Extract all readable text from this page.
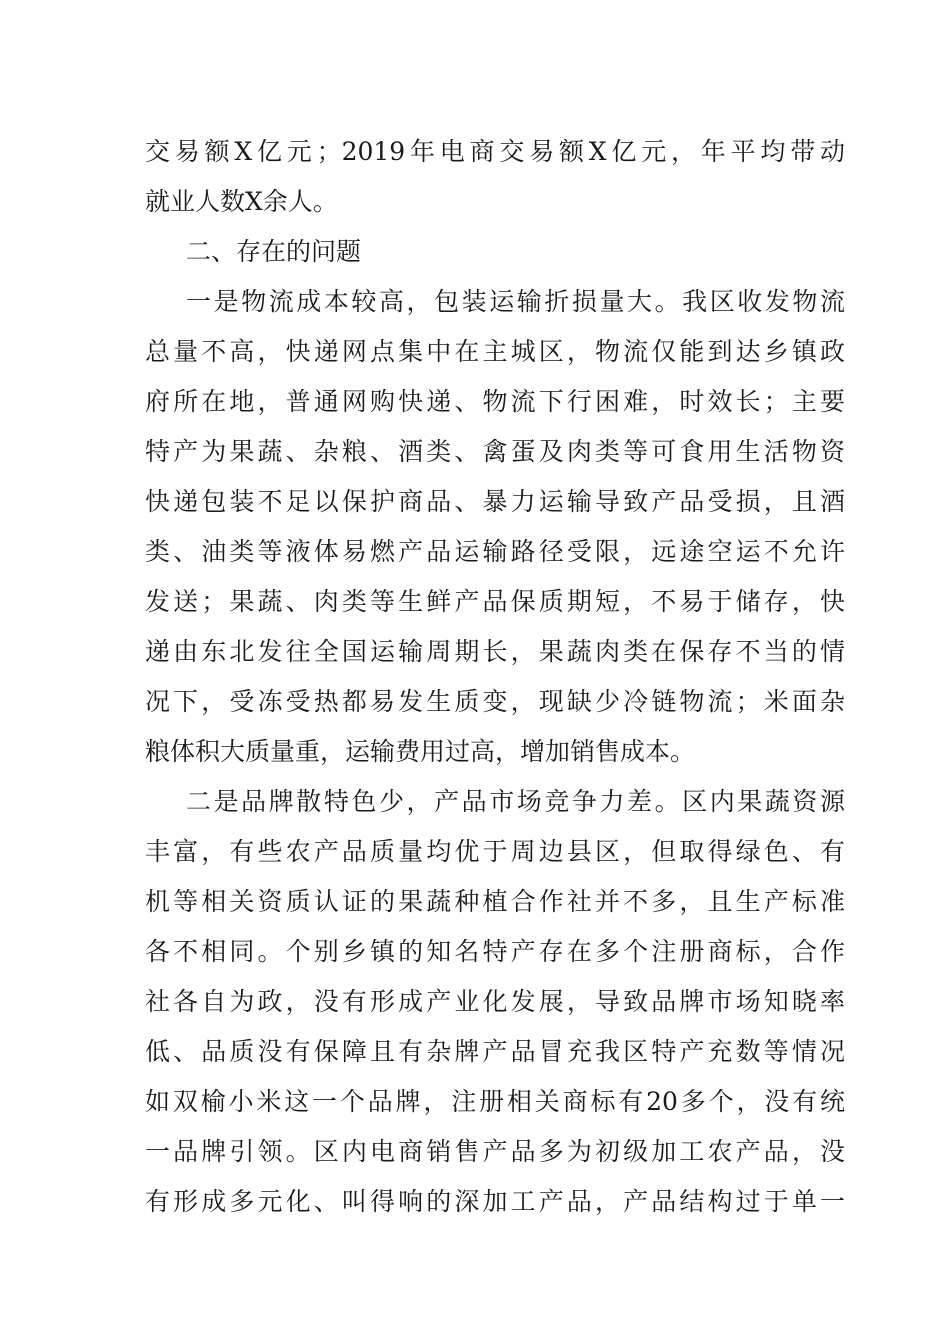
交易额X亿元；2019年电商交易额X亿元，年平均带动
就业人数X余人。
二、存在的问题
一是物流成本较高，包装运输折损量大。我区收发物流
总量不高，快递网点集中在主城区，物流仅能到达乡镇政
府所在地，普通网购快递、物流下行困难，时效长；主要
特产为果蔬、杂粮、酒类、禽蛋及肉类等可食用生活物资
快递包装不足以保护商品、暴力运输导致产品受损，且酒
类、油类等液体易燃产品运输路径受限，远途空运不允许
发送；果蔬、肉类等生鲜产品保质期短，不易于储存，快
递由东北发往全国运输周期长，果蔬肉类在保存不当的情
况下，受冻受热都易发生质变，现缺少冷链物流；米面杂
粮体积大质量重，运输费用过高，增加销售成本。
二是品牌散特色少，产品市场竞争力差。区内果蔬资源
丰富，有些农产品质量均优于周边县区，但取得绿色、有
机等相关资质认证的果蔬种植合作社并不多，且生产标准
各不相同。个别乡镇的知名特产存在多个注册商标，合作
社各自为政，没有形成产业化发展，导致品牌市场知晓率
低、品质没有保障且有杂牌产品冒充我区特产充数等情况
如双榆小米这一个品牌，注册相关商标有20多个，没有统
一品牌引领。区内电商销售产品多为初级加工农产品，没
有形成多元化、叫得响的深加工产品，产品结构过于单一
